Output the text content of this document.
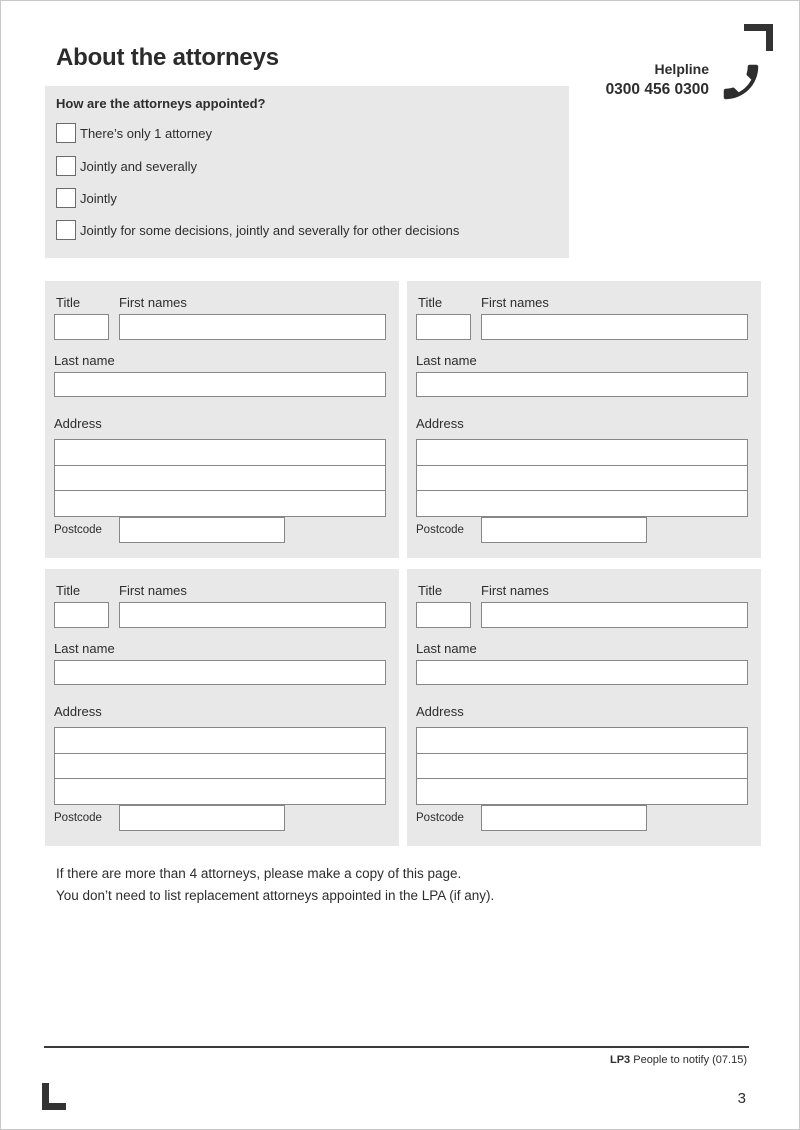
About the attorneys	Helpline
0300 456 0300
How are the attorneys appointed?
There’s only 1 attorney
Jointly and severally
Jointly
Jointly for some decisions, jointly and severally for other decisions
Title	First names
Last name
Address
Postcode
Title	First names
Last name
Address
Postcode
Title	First names
Last name
Address
Postcode
Title	First names
Last name
Address
Postcode

If there are more than 4 attorneys, please make a copy of this page.

You don’t need to list replacement attorneys appointed in the LPA (if any).

LP3 People to notify (07.15)
3
